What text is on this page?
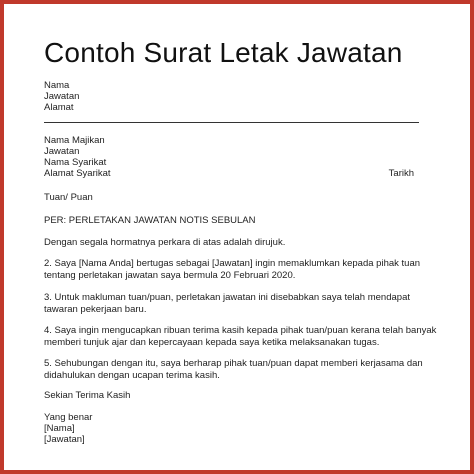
Contoh Surat Letak Jawatan
Nama
Jawatan
Alamat
Nama Majikan
Jawatan
Nama Syarikat
Alamat Syarikat	Tarikh

Tuan/ Puan

PER: PERLETAKAN JAWATAN NOTIS SEBULAN

Dengan segala hormatnya perkara di atas adalah dirujuk.

2. Saya [Nama Anda] bertugas sebagai [Jawatan] ingin memaklumkan kepada pihak tuan tentang perletakan jawatan saya bermula 20 Februari 2020.

3. Untuk makluman tuan/puan, perletakan jawatan ini disebabkan saya telah mendapat tawaran pekerjaan baru.

4. Saya ingin mengucapkan ribuan terima kasih kepada pihak tuan/puan kerana telah banyak memberi tunjuk ajar dan kepercayaan kepada saya ketika melaksanakan tugas.

5. Sehubungan dengan itu, saya berharap pihak tuan/puan dapat memberi kerjasama dan didahulukan dengan ucapan terima kasih.

Sekian Terima Kasih

Yang benar
[Nama]
[Jawatan]
